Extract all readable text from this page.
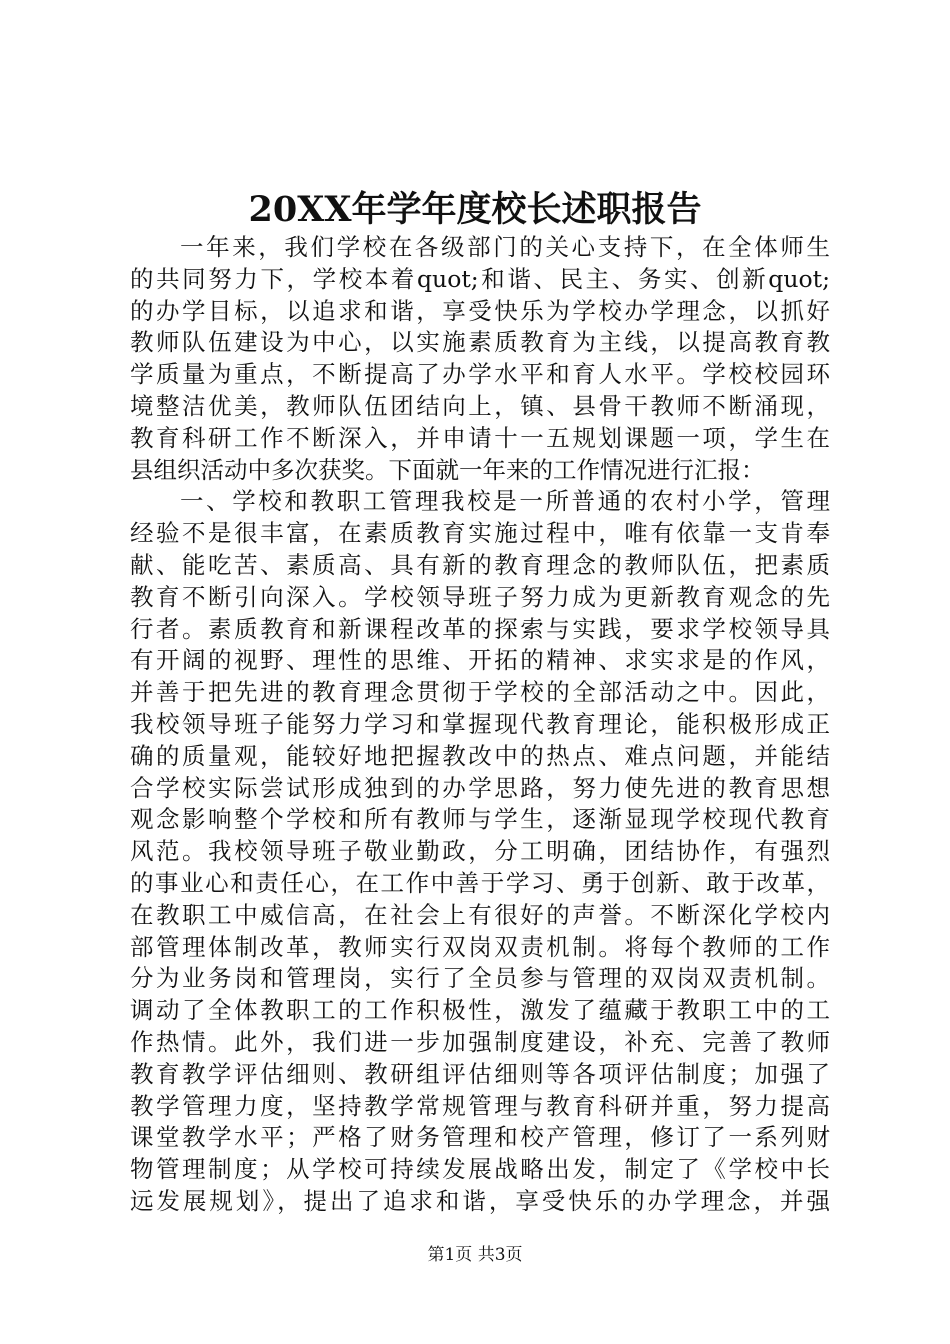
20XX年学年度校长述职报告
一年来，我们学校在各级部门的关心支持下，在全体师生
的共同努力下，学校本着quot;和谐、民主、务实、创新quot;
的办学目标，以追求和谐，享受快乐为学校办学理念，以抓好
教师队伍建设为中心，以实施素质教育为主线，以提高教育教
学质量为重点，不断提高了办学水平和育人水平。学校校园环
境整洁优美，教师队伍团结向上，镇、县骨干教师不断涌现，
教育科研工作不断深入，并申请十一五规划课题一项，学生在
县组织活动中多次获奖。下面就一年来的工作情况进行汇报：
一、学校和教职工管理我校是一所普通的农村小学，管理
经验不是很丰富，在素质教育实施过程中，唯有依靠一支肯奉
献、能吃苦、素质高、具有新的教育理念的教师队伍，把素质
教育不断引向深入。学校领导班子努力成为更新教育观念的先
行者。素质教育和新课程改革的探索与实践，要求学校领导具
有开阔的视野、理性的思维、开拓的精神、求实求是的作风，
并善于把先进的教育理念贯彻于学校的全部活动之中。因此，
我校领导班子能努力学习和掌握现代教育理论，能积极形成正
确的质量观，能较好地把握教改中的热点、难点问题，并能结
合学校实际尝试形成独到的办学思路，努力使先进的教育思想
观念影响整个学校和所有教师与学生，逐渐显现学校现代教育
风范。我校领导班子敬业勤政，分工明确，团结协作，有强烈
的事业心和责任心，在工作中善于学习、勇于创新、敢于改革，
在教职工中威信高，在社会上有很好的声誉。不断深化学校内
部管理体制改革，教师实行双岗双责机制。将每个教师的工作
分为业务岗和管理岗，实行了全员参与管理的双岗双责机制。
调动了全体教职工的工作积极性，激发了蕴藏于教职工中的工
作热情。此外，我们进一步加强制度建设，补充、完善了教师
教育教学评估细则、教研组评估细则等各项评估制度；加强了
教学管理力度，坚持教学常规管理与教育科研并重，努力提高
课堂教学水平；严格了财务管理和校产管理，修订了一系列财
物管理制度；从学校可持续发展战略出发，制定了《学校中长
远发展规划》，提出了追求和谐，享受快乐的办学理念，并强
第1页 共3页
